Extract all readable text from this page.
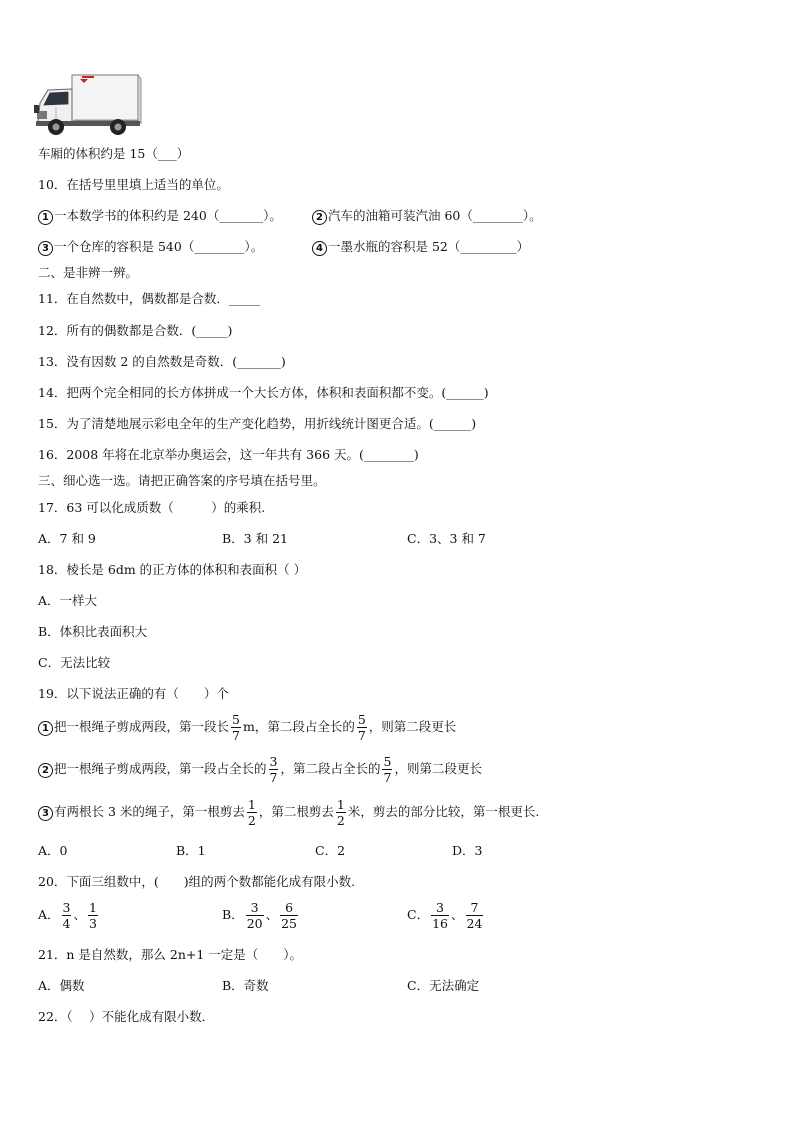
车厢的体积约是 15（___）
10．在括号里里填上适当的单位。
1 一本数学书的体积约是 240（_______）。	2 汽车的油箱可装汽油 60（________）。
3 一个仓库的容积是 540（________）。	4 一墨水瓶的容积是 52（_________）
二、是非辨一辨。
11．在自然数中，偶数都是合数．_____
12．所有的偶数都是合数．(_____)
13．没有因数 2 的自然数是奇数．(_______)
14．把两个完全相同的长方体拼成一个大长方体，体积和表面积都不变。(______)
15．为了清楚地展示彩电全年的生产变化趋势，用折线统计图更合适。(______)
16．2008 年将在北京举办奥运会，这一年共有 366 天。(________)
三、细心选一选。请把正确答案的序号填在括号里。
17．63 可以化成质数（　　　）的乘积.
A．7 和 9	B．3 和 21	C．3、3 和 7
18．棱长是 6dm 的正方体的体积和表面积（ ）
A．一样大
B．体积比表面积大
C．无法比较
19．以下说法正确的有（　　）个
1 把一根绳子剪成两段，第一段长 $\frac{5}{7}$ m，第二段占全长的 $\frac{5}{7}$ ，则第二段更长
2 把一根绳子剪成两段，第一段占全长的 $\frac{3}{7}$ ，第二段占全长的 $\frac{5}{7}$ ，则第二段更长
3 有两根长 3 米的绳子，第一根剪去 $\frac{1}{2}$ ，第二根剪去 $\frac{1}{2}$ 米，剪去的部分比较，第一根更长.
A．0	B．1	C．2	D．3
20．下面三组数中，(　　)组的两个数都能化成有限小数.
A． $\frac{3}{4}$ 、 $\frac{1}{3}$	B． $\frac{3}{20}$ 、 $\frac{6}{25}$	C． $\frac{3}{16}$ 、 $\frac{7}{24}$
21．n 是自然数，那么 2n+1 一定是（　　）。
A．偶数	B．奇数	C．无法确定
22．（　 ）不能化成有限小数．
